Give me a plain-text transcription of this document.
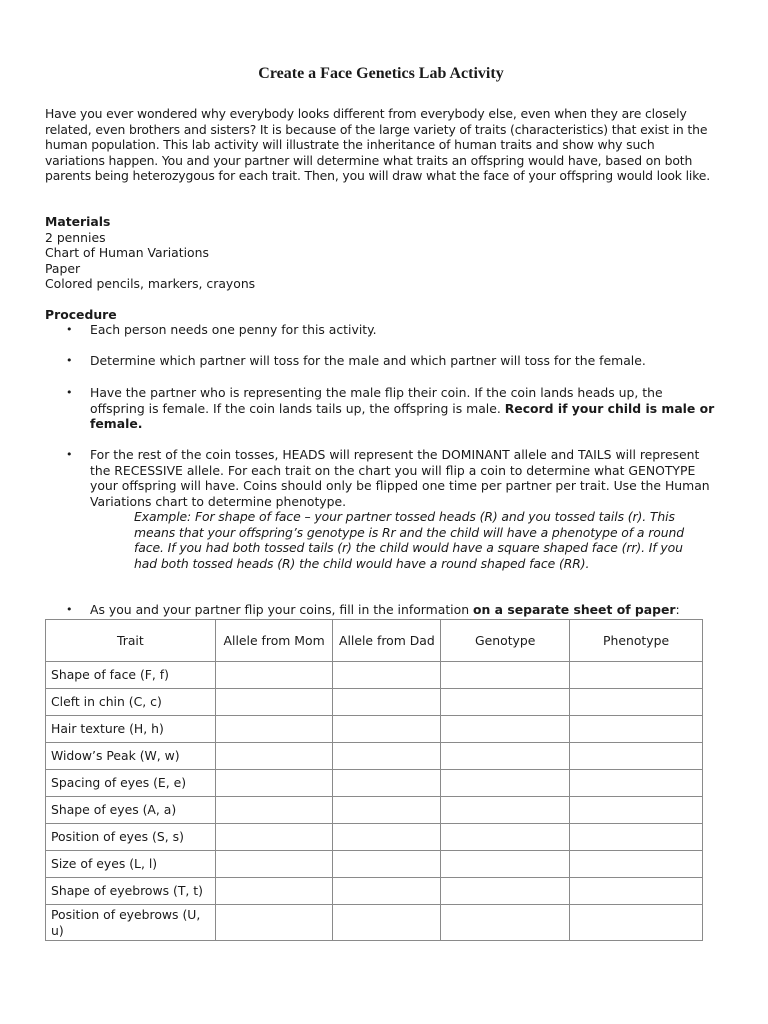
Create a Face Genetics Lab Activity

Have you ever wondered why everybody looks different from everybody else, even when they are closely related, even brothers and sisters? It is because of the large variety of traits (characteristics) that exist in the human population. This lab activity will illustrate the inheritance of human traits and show why such variations happen. You and your partner will determine what traits an offspring would have, based on both parents being heterozygous for each trait. Then, you will draw what the face of your offspring would look like.

Materials
2 pennies
Chart of Human Variations
Paper
Colored pencils, markers, crayons
Procedure
• Each person needs one penny for this activity.
• Determine which partner will toss for the male and which partner will toss for the female.
• Have the partner who is representing the male flip their coin. If the coin lands heads up, the offspring is female. If the coin lands tails up, the offspring is male. Record if your child is male or female.
• For the rest of the coin tosses, HEADS will represent the DOMINANT allele and TAILS will represent the RECESSIVE allele. For each trait on the chart you will flip a coin to determine what GENOTYPE your offspring will have. Coins should only be flipped one time per partner per trait. Use the Human Variations chart to determine phenotype.
Example: For shape of face – your partner tossed heads (R) and you tossed tails (r). This means that your offspring’s genotype is Rr and the child will have a phenotype of a round face. If you had both tossed tails (r) the child would have a square shaped face (rr). If you had both tossed heads (R) the child would have a round shaped face (RR).
• As you and your partner flip your coins, fill in the information on a separate sheet of paper:
Trait	Allele from Mom	Allele from Dad	Genotype	Phenotype
Shape of face (F, f)				
Cleft in chin (C, c)				
Hair texture (H, h)				
Widow’s Peak (W, w)				
Spacing of eyes (E, e)				
Shape of eyes (A, a)				
Position of eyes (S, s)				
Size of eyes (L, l)				
Shape of eyebrows (T, t)				
Position of eyebrows (U, u)				
